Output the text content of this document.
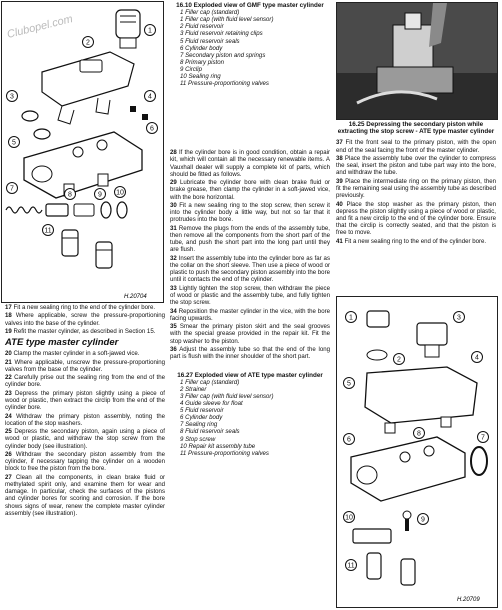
Clubopel.com	1
2
3	4
5
6
7
8	9 10
11
H.20704

17 Fit a new sealing ring to the end of the cylinder bore.

18 Where applicable, screw the pressure-proportioning valves into the base of the cylinder.

19 Refit the master cylinder, as described in Section 15.

ATE type master cylinder

20 Clamp the master cylinder in a soft-jawed vice.

21 Where applicable, unscrew the pressure-proportioning valves from the base of the cylinder.

22 Carefully prise out the sealing ring from the end of the cylinder bore.

23 Depress the primary piston slightly using a piece of wood or plastic, then extract the circlip from the end of the cylinder bore.

24 Withdraw the primary piston assembly, noting the location of the stop washers.

25 Depress the secondary piston, again using a piece of wood or plastic, and withdraw the stop screw from the cylinder body (see illustration).

26 Withdraw the secondary piston assembly from the cylinder, if necessary tapping the cylinder on a wooden block to free the piston from the bore.

27 Clean all the components, in clean brake fluid or methylated spirit only, and examine them for wear and damage. In particular, check the surfaces of the pistons and cylinder bores for scoring and corrosion. If the bore shows signs of wear, renew the complete master cylinder assembly (see illustration).

16.10 Exploded view of GMF type master cylinder
1 Filler cap (standard)
1 Filler cap (with fluid level sensor)
2 Fluid reservoir
3 Fluid reservoir retaining clips
5 Fluid reservoir seals
6 Cylinder body
7 Secondary piston and springs
8 Primary piston
9 Circlip
10 Sealing ring
11 Pressure-proportioning valves

28 If the cylinder bore is in good condition, obtain a repair kit, which will contain all the necessary renewable items. A Vauxhall dealer will supply a complete kit of parts, which should be fitted as follows.

29 Lubricate the cylinder bore with clean brake fluid or brake grease, then clamp the cylinder in a soft-jawed vice, with the bore horizontal.

30 Fit a new sealing ring to the stop screw, then screw it into the cylinder body a little way, but not so far that it protrudes into the bore.

31 Remove the plugs from the ends of the assembly tube, then remove all the components from the short part of the tube, and push the short part into the long part until they are flush.

32 Insert the assembly tube into the cylinder bore as far as the collar on the short sleeve. Then use a piece of wood or plastic to push the secondary piston assembly into the bore until it contacts the end of the cylinder.

33 Lightly tighten the stop screw, then withdraw the piece of wood or plastic and the assembly tube, and fully tighten the stop screw.

34 Reposition the master cylinder in the vice, with the bore facing upwards.

35 Smear the primary piston skirt and the seal grooves with the special grease provided in the repair kit. Fit the stop washer to the piston.

36 Adjust the assembly tube so that the end of the long part is flush with the inner shoulder of the short part.

16.27 Exploded view of ATE type master cylinder
1 Filler cap (standard)
2 Strainer
3 Filler cap (with fluid level sensor)
4 Guide sleeve for float
5 Fluid reservoir
6 Cylinder body
7 Sealing ring
8 Fluid reservoir seals
9 Stop screw
10 Repair kit assembly tube
11 Pressure-proportioning valves
16.25 Depressing the secondary piston while extracting the stop screw - ATE type master cylinder

37 Fit the front seal to the primary piston, with the open end of the seal facing the front of the master cylinder.

38 Place the assembly tube over the cylinder to compress the seal, insert the piston and tube part way into the bore, and withdraw the tube.

39 Place the intermediate ring on the primary piston, then fit the remaining seal using the assembly tube as described previously.

40 Place the stop washer as the primary piston, then depress the piston slightly using a piece of wood or plastic, and fit a new circlip to the end of the cylinder bore. Ensure that the circlip is correctly seated, and that the piston is free to move.

41 Fit a new sealing ring to the end of the cylinder bore.

1
2
3
4
5
6	7
8
9
10
11
H.20709
